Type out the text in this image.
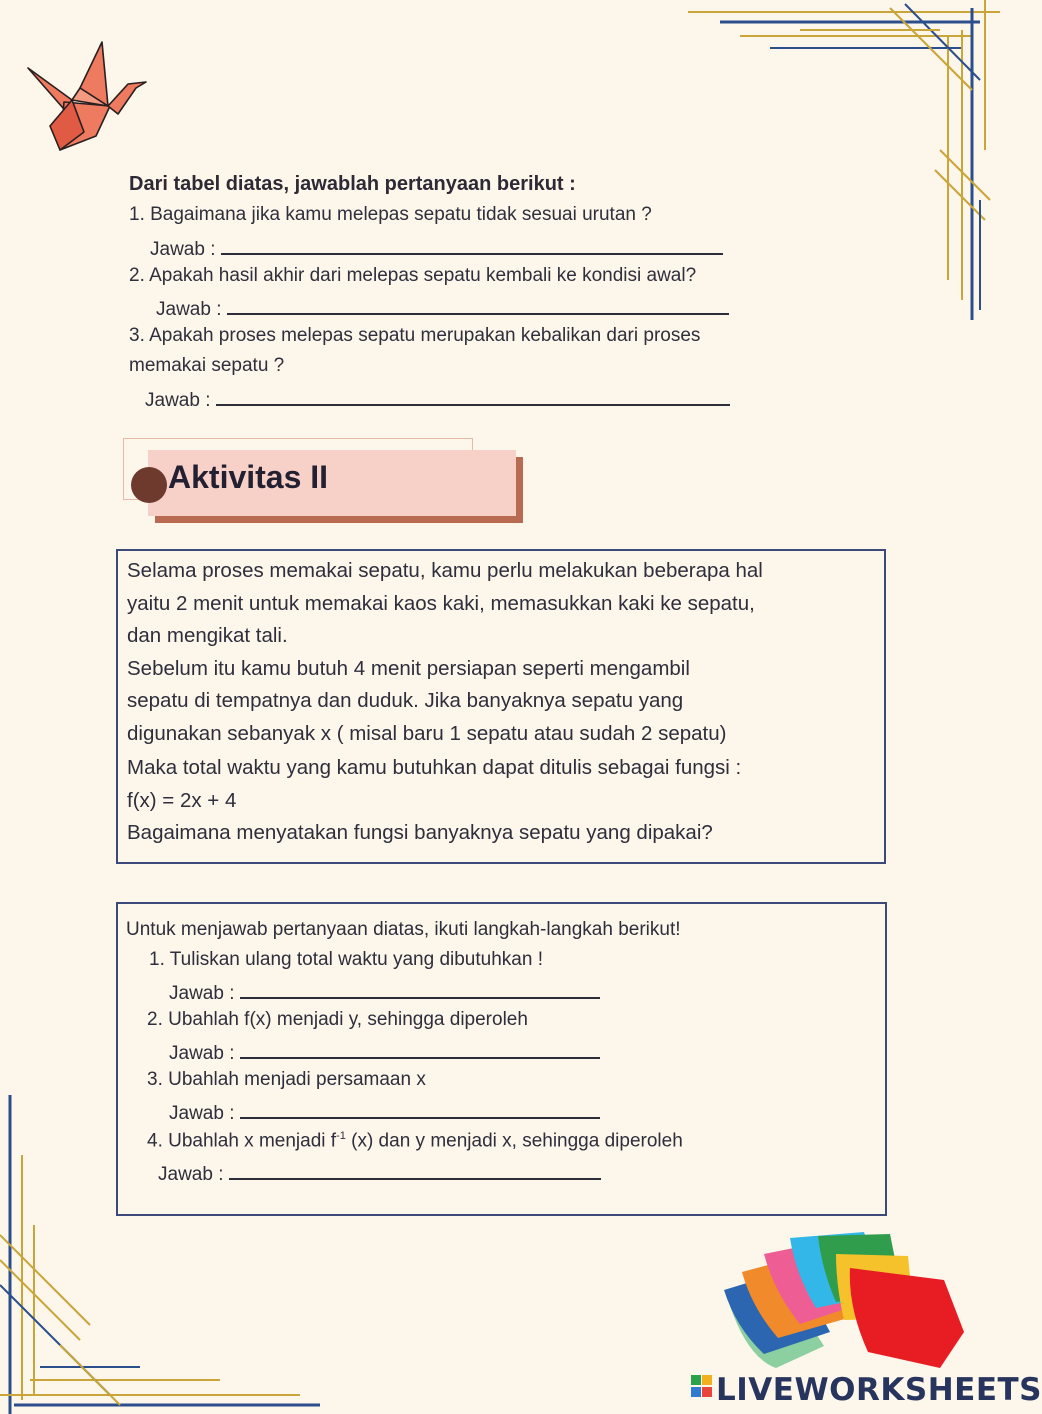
Dari tabel diatas, jawablah pertanyaan berikut :
1. Bagaimana jika kamu melepas sepatu tidak sesuai urutan ?
Jawab :
2. Apakah hasil akhir dari melepas sepatu kembali ke kondisi awal?
Jawab :
3. Apakah proses melepas sepatu merupakan kebalikan dari proses
memakai sepatu ?
Jawab :
Aktivitas II
Selama proses memakai sepatu, kamu perlu melakukan beberapa hal
yaitu 2 menit untuk memakai kaos kaki, memasukkan kaki ke sepatu,
dan mengikat tali.
Sebelum itu kamu butuh 4 menit persiapan seperti mengambil
sepatu di tempatnya dan duduk. Jika banyaknya sepatu yang
digunakan sebanyak x ( misal baru 1 sepatu atau sudah 2 sepatu)
Maka total waktu yang kamu butuhkan dapat ditulis sebagai fungsi :
f(x) = 2x + 4
Bagaimana menyatakan fungsi banyaknya sepatu yang dipakai?
Untuk menjawab pertanyaan diatas, ikuti langkah-langkah berikut!
1. Tuliskan ulang total waktu yang dibutuhkan !
Jawab :
2. Ubahlah f(x) menjadi y, sehingga diperoleh
Jawab :
3. Ubahlah menjadi persamaan x
Jawab :
4. Ubahlah x menjadi $f^{-1}$ (x) dan y menjadi x, sehingga diperoleh
Jawab :
LIVEWORKSHEETS
